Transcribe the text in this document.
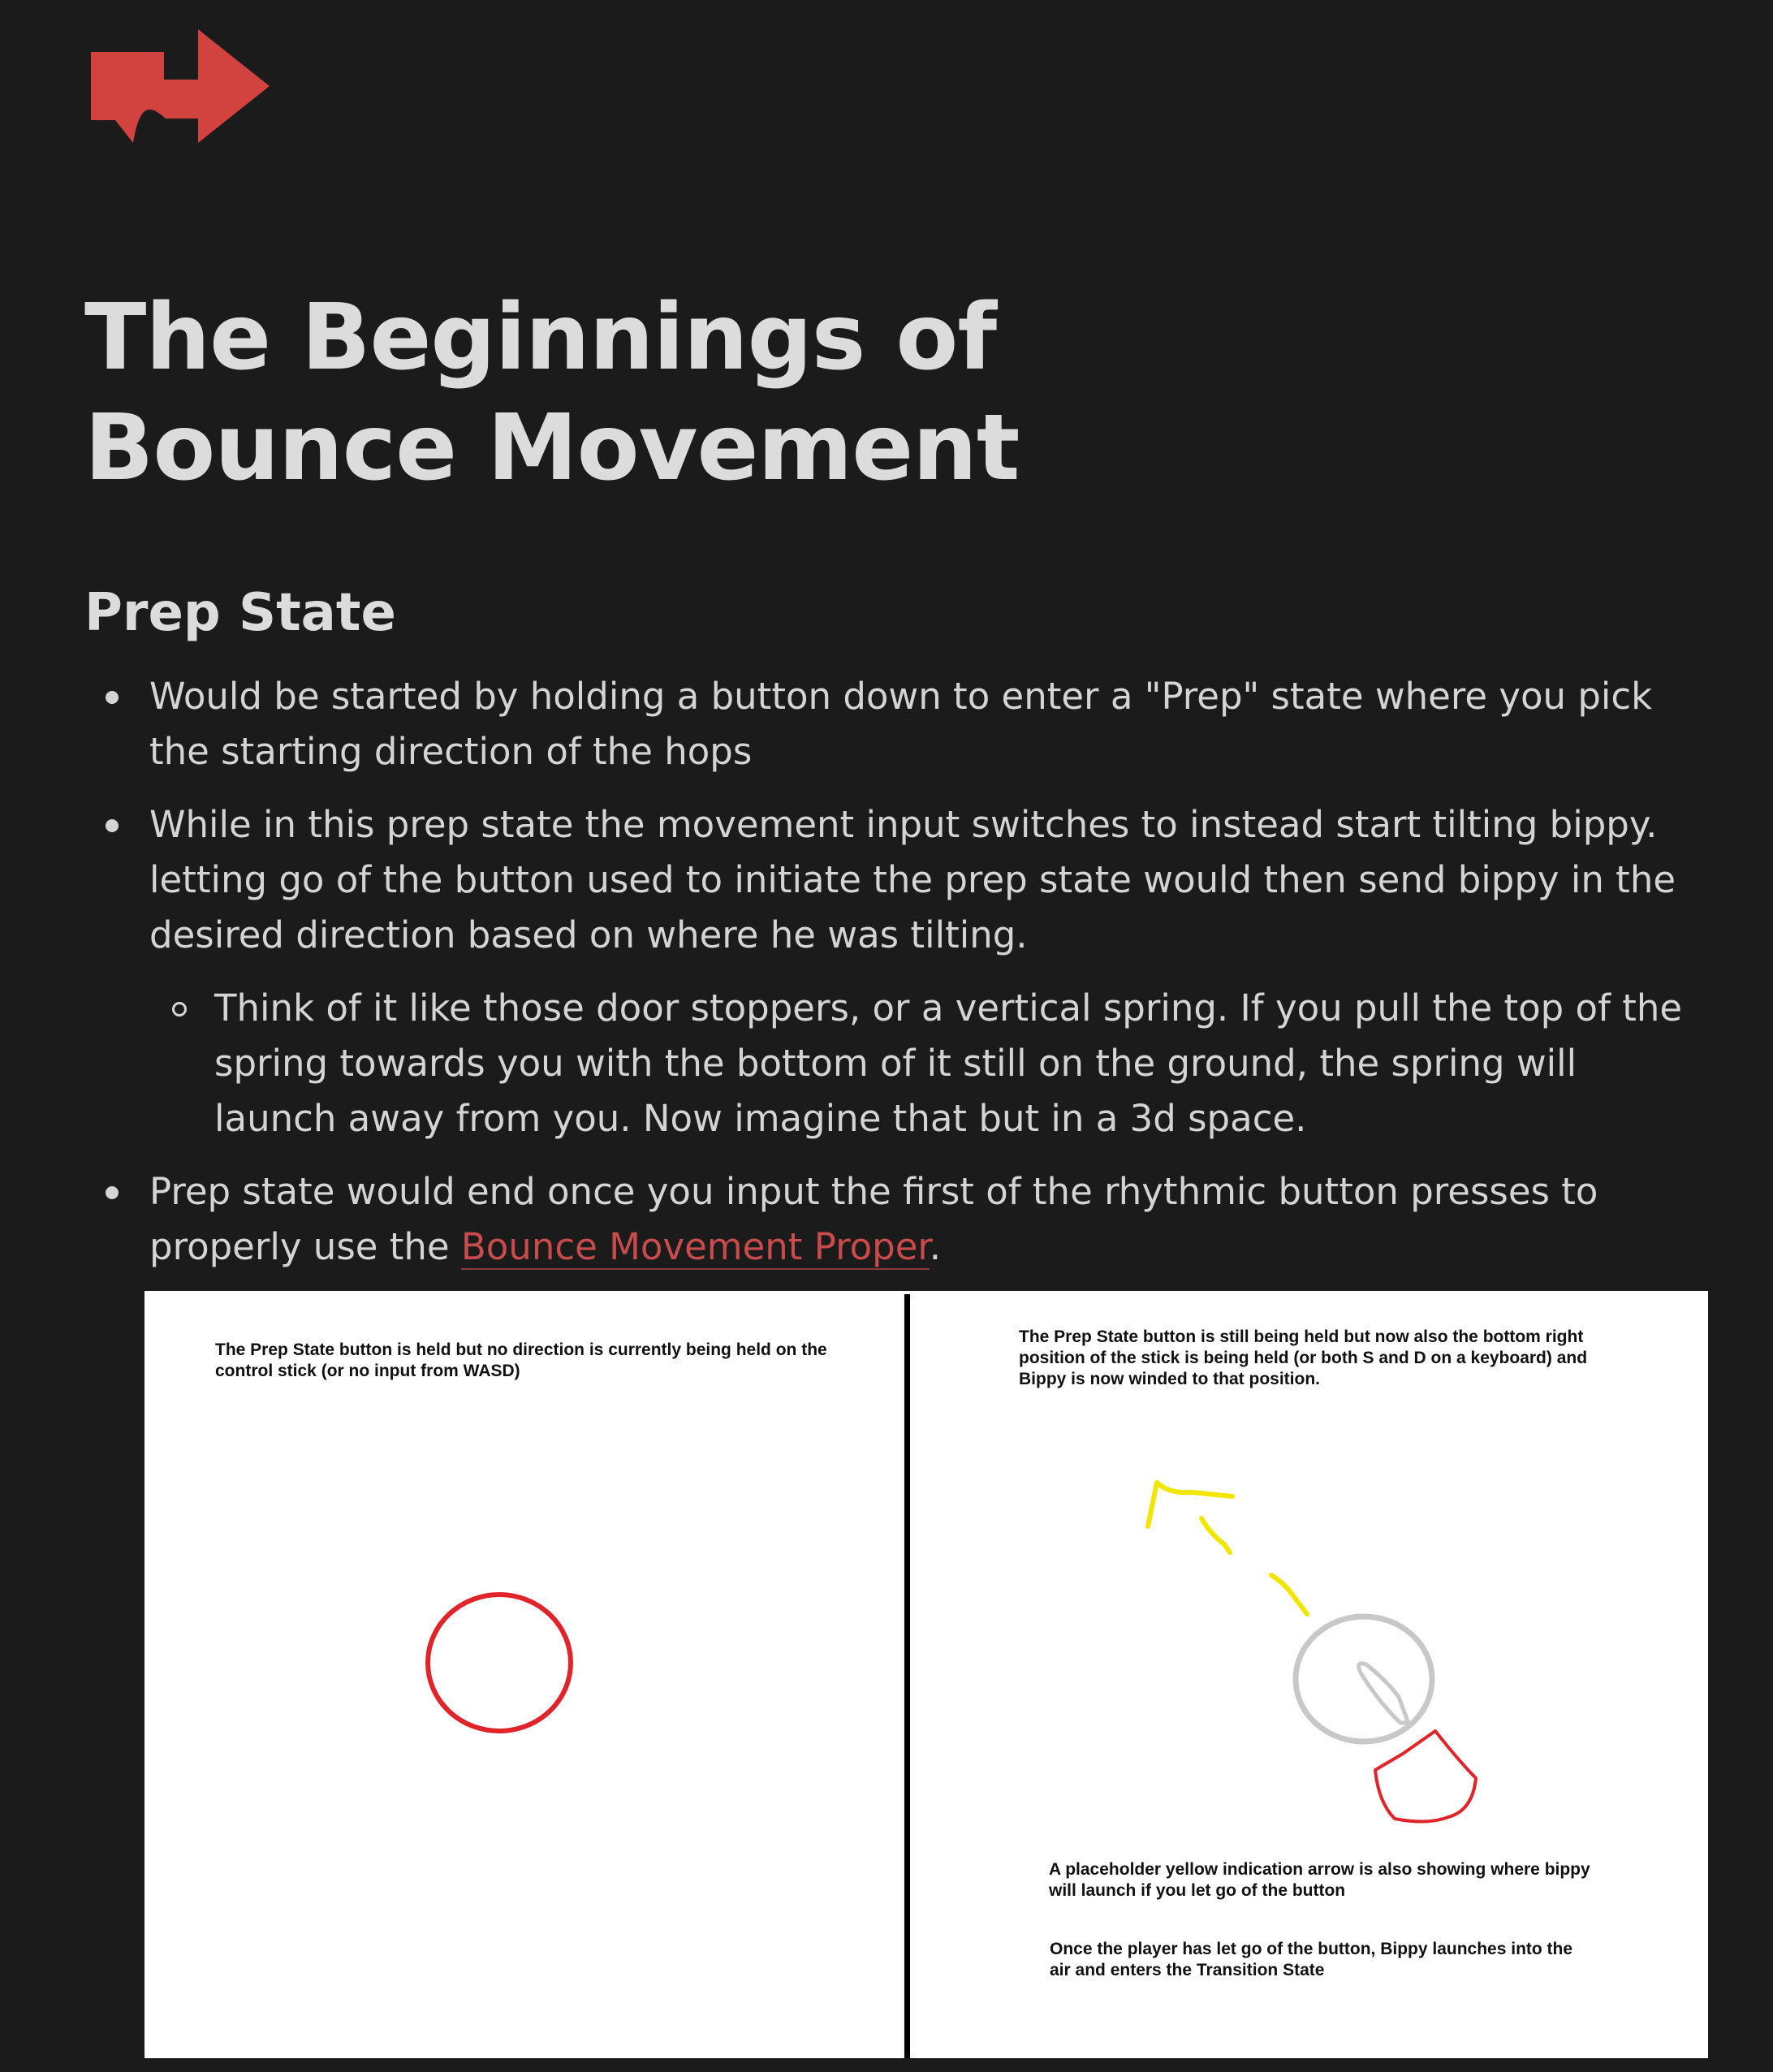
The Beginnings of Bounce Movement
Prep State
Would be started by holding a button down to enter a "Prep" state where you pick the starting direction of the hops
While in this prep state the movement input switches to instead start tilting bippy. letting go of the button used to initiate the prep state would then send bippy in the desired direction based on where he was tilting.
Think of it like those door stoppers, or a vertical spring. If you pull the top of the spring towards you with the bottom of it still on the ground, the spring will launch away from you. Now imagine that but in a 3d space.
Prep state would end once you input the first of the rhythmic button presses to properly use the Bounce Movement Proper.

The Prep State button is held but no direction is currently being held on the control stick (or no input from WASD)

The Prep State button is still being held but now also the bottom right position of the stick is being held (or both S and D on a keyboard) and Bippy is now winded to that position.

A placeholder yellow indication arrow is also showing where bippy will launch if you let go of the button

Once the player has let go of the button, Bippy launches into the air and enters the Transition State
